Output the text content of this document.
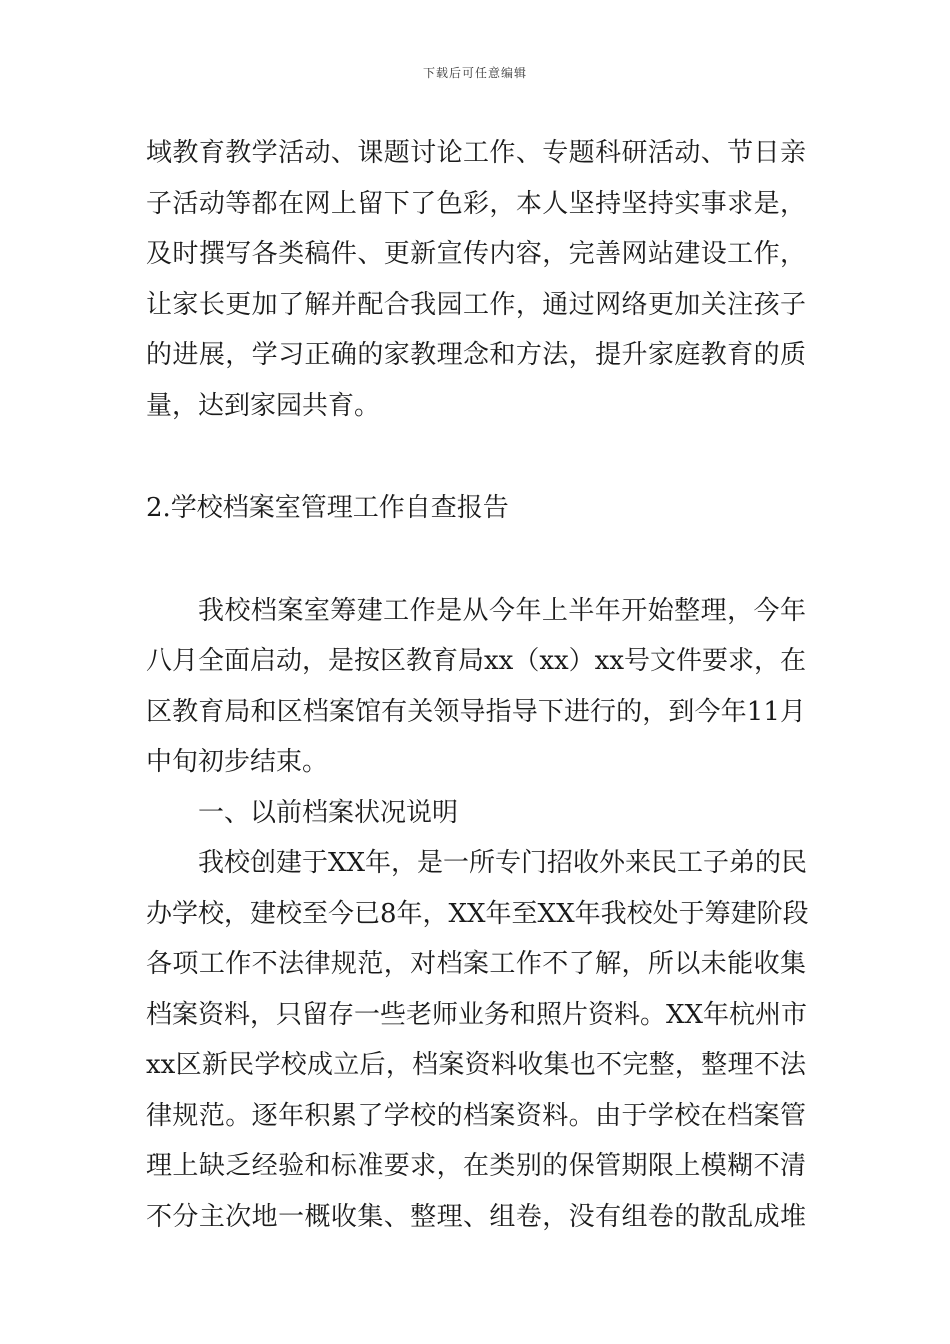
下载后可任意编辑
域教育教学活动、课题讨论工作、专题科研活动、节日亲
子活动等都在网上留下了色彩，本人坚持坚持实事求是，
及时撰写各类稿件、更新宣传内容，完善网站建设工作，
让家长更加了解并配合我园工作，通过网络更加关注孩子
的进展，学习正确的家教理念和方法，提升家庭教育的质
量，达到家园共育。
2.学校档案室管理工作自查报告
我校档案室筹建工作是从今年上半年开始整理，今年
八月全面启动，是按区教育局xx（xx）xx号文件要求，在
区教育局和区档案馆有关领导指导下进行的，到今年11月
中旬初步结束。
一、以前档案状况说明
我校创建于XX年，是一所专门招收外来民工子弟的民
办学校，建校至今已8年，XX年至XX年我校处于筹建阶段
各项工作不法律规范，对档案工作不了解，所以未能收集
档案资料，只留存一些老师业务和照片资料。XX年杭州市
xx区新民学校成立后，档案资料收集也不完整，整理不法
律规范。逐年积累了学校的档案资料。由于学校在档案管
理上缺乏经验和标准要求，在类别的保管期限上模糊不清
不分主次地一概收集、整理、组卷，没有组卷的散乱成堆
